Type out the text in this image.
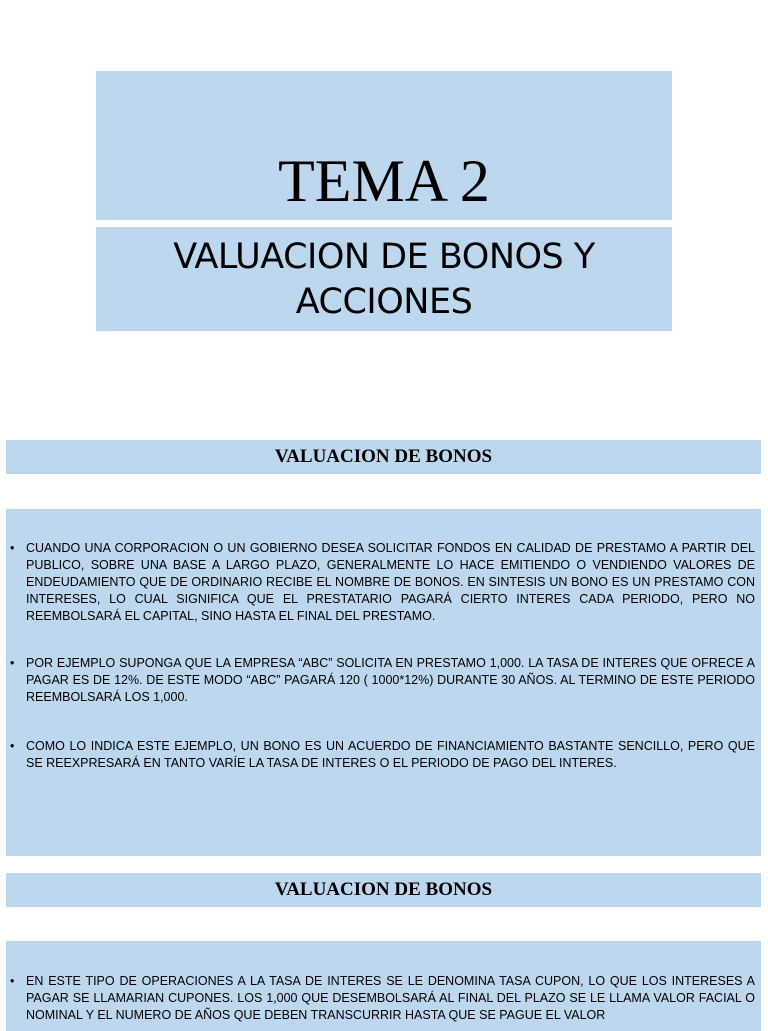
TEMA 2
VALUACION DE BONOS Y
ACCIONES
VALUACION DE BONOS
• CUANDO UNA CORPORACION O UN GOBIERNO DESEA SOLICITAR FONDOS EN CALIDAD DE PRESTAMO A PARTIR DEL PUBLICO, SOBRE UNA BASE A LARGO PLAZO, GENERALMENTE LO HACE EMITIENDO O VENDIENDO VALORES DE ENDEUDAMIENTO QUE DE ORDINARIO RECIBE EL NOMBRE DE BONOS. EN SINTESIS UN BONO ES UN PRESTAMO CON INTERESES, LO CUAL SIGNIFICA QUE EL PRESTATARIO PAGARÁ CIERTO INTERES CADA PERIODO, PERO NO REEMBOLSARÁ EL CAPITAL, SINO HASTA EL FINAL DEL PRESTAMO.
• POR EJEMPLO SUPONGA QUE LA EMPRESA “ABC” SOLICITA EN PRESTAMO 1,000. LA TASA DE INTERES QUE OFRECE A PAGAR ES DE 12%. DE ESTE MODO “ABC” PAGARÁ 120 ( 1000*12%) DURANTE 30 AÑOS. AL TERMINO DE ESTE PERIODO REEMBOLSARÁ LOS 1,000.
• COMO LO INDICA ESTE EJEMPLO, UN BONO ES UN ACUERDO DE FINANCIAMIENTO BASTANTE SENCILLO, PERO QUE SE REEXPRESARÁ EN TANTO VARÍE LA TASA DE INTERES O EL PERIODO DE PAGO DEL INTERES.
VALUACION DE BONOS
• EN ESTE TIPO DE OPERACIONES A LA TASA DE INTERES SE LE DENOMINA TASA CUPON, LO QUE LOS INTERESES A PAGAR SE LLAMARIAN CUPONES. LOS 1,000 QUE DESEMBOLSARÁ AL FINAL DEL PLAZO SE LE LLAMA VALOR FACIAL O NOMINAL Y EL NUMERO DE AÑOS QUE DEBEN TRANSCURRIR HASTA QUE SE PAGUE EL VALOR
